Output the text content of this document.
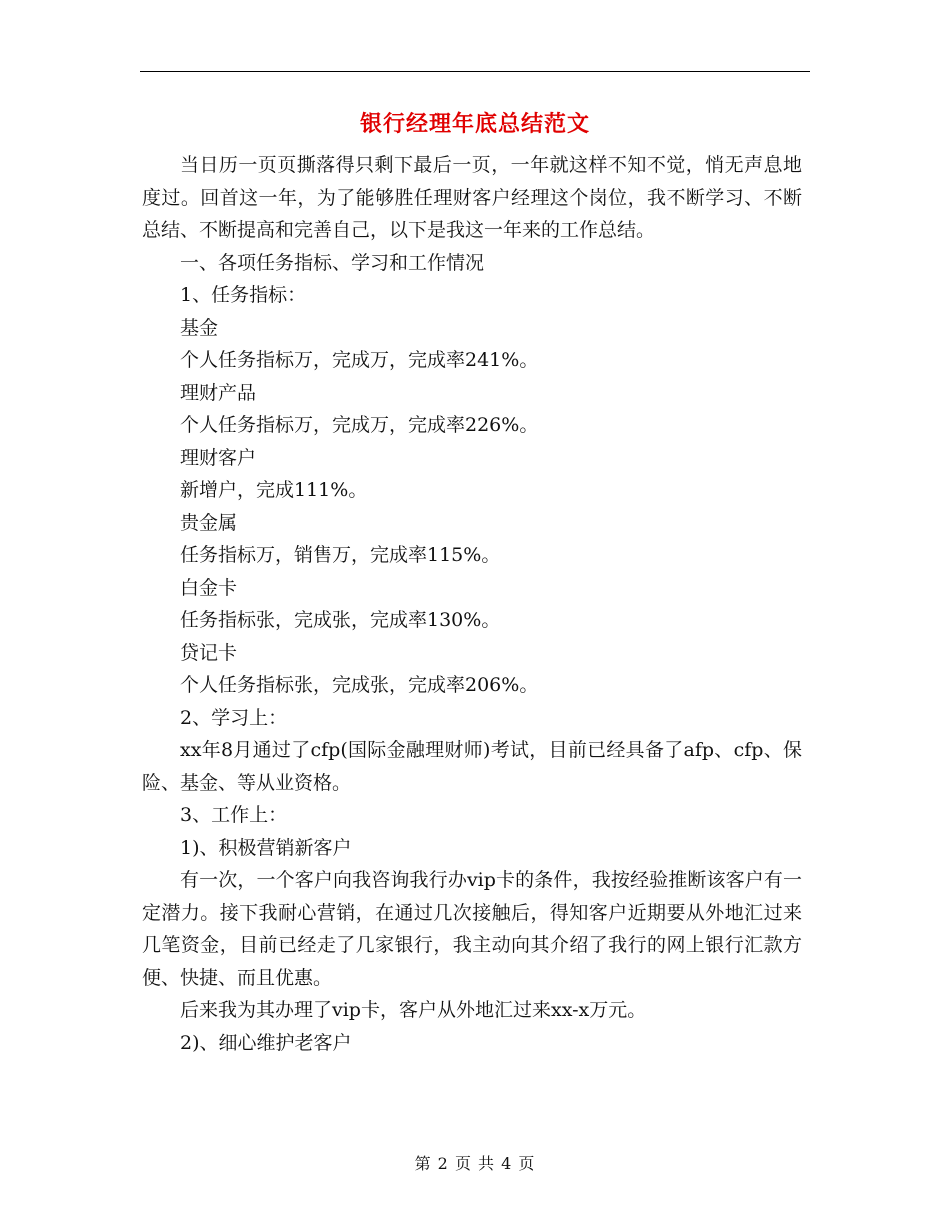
银行经理年底总结范文

当日历一页页撕落得只剩下最后一页，一年就这样不知不觉，悄无声息地度过。回首这一年，为了能够胜任理财客户经理这个岗位，我不断学习、不断总结、不断提高和完善自己，以下是我这一年来的工作总结。

一、各项任务指标、学习和工作情况

1、任务指标：

基金

个人任务指标万，完成万，完成率241%。

理财产品

个人任务指标万，完成万，完成率226%。

理财客户

新增户，完成111%。

贵金属

任务指标万，销售万，完成率115%。

白金卡

任务指标张，完成张，完成率130%。

贷记卡

个人任务指标张，完成张，完成率206%。

2、学习上：

xx年8月通过了cfp(国际金融理财师)考试，目前已经具备了afp、cfp、保险、基金、等从业资格。

3、工作上：

1)、积极营销新客户

有一次，一个客户向我咨询我行办vip卡的条件，我按经验推断该客户有一定潜力。接下我耐心营销，在通过几次接触后，得知客户近期要从外地汇过来几笔资金，目前已经走了几家银行，我主动向其介绍了我行的网上银行汇款方便、快捷、而且优惠。

后来我为其办理了vip卡，客户从外地汇过来xx-x万元。

2)、细心维护老客户

第 2 页 共 4 页
